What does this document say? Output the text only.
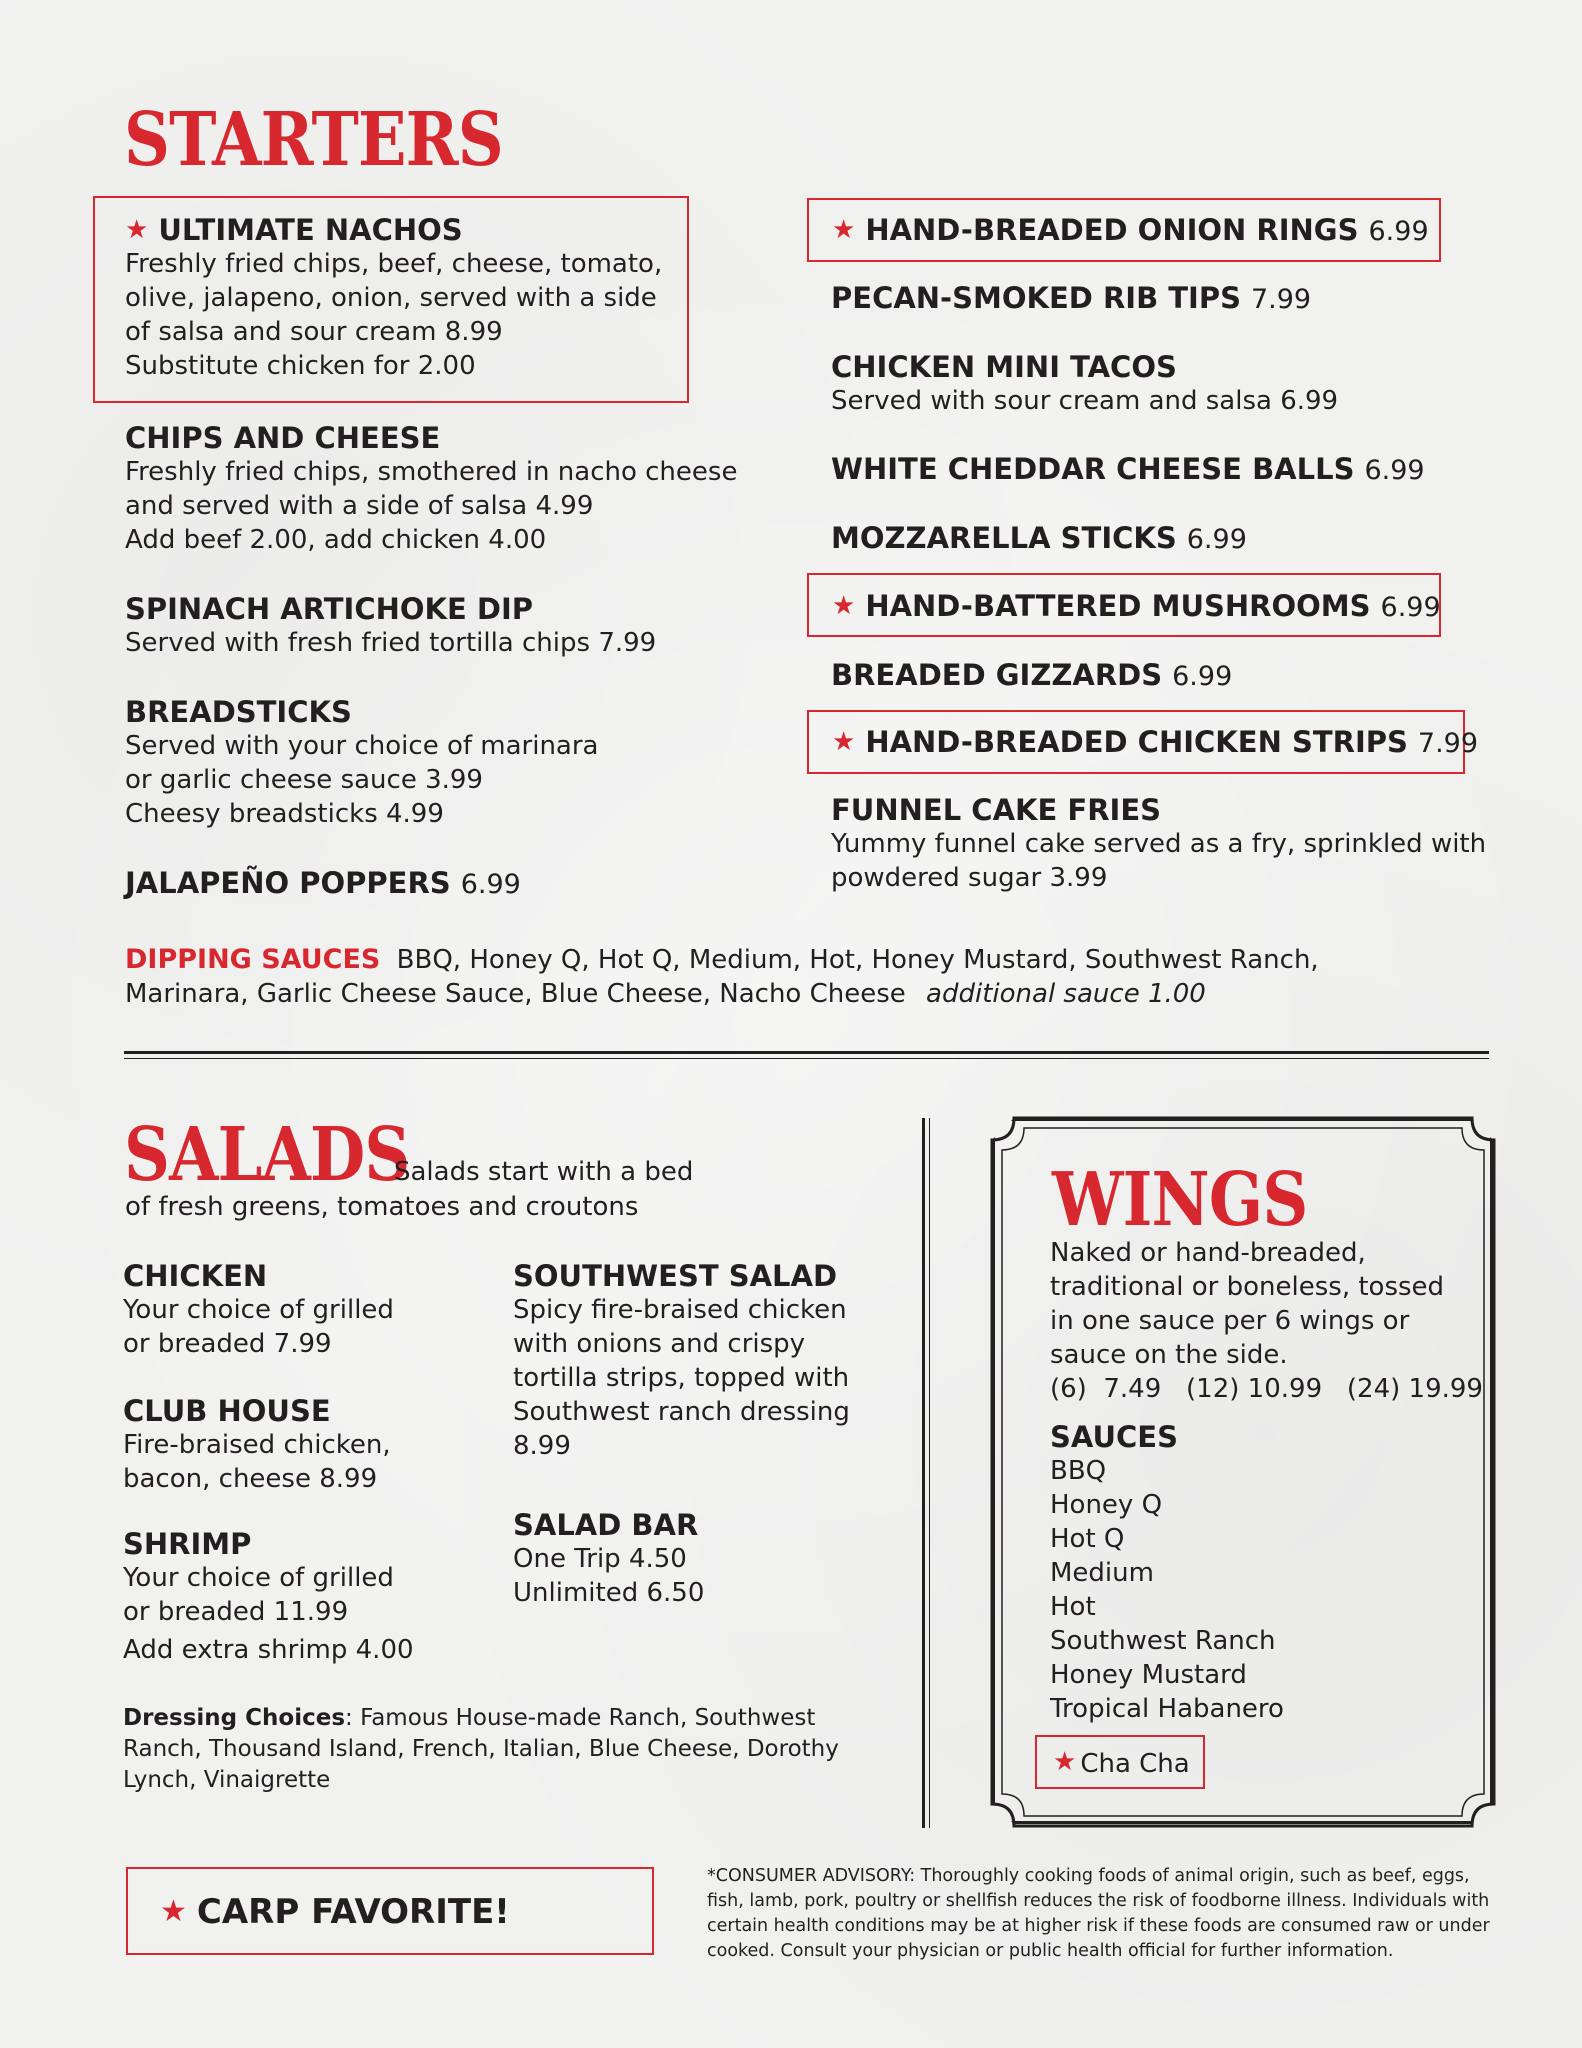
STARTERS
★ ULTIMATE NACHOS
Freshly fried chips, beef, cheese, tomato,
olive, jalapeno, onion, served with a side
of salsa and sour cream 8.99
Substitute chicken for 2.00
CHIPS AND CHEESE
Freshly fried chips, smothered in nacho cheese
and served with a side of salsa 4.99
Add beef 2.00, add chicken 4.00
SPINACH ARTICHOKE DIP
Served with fresh fried tortilla chips 7.99
BREADSTICKS
Served with your choice of marinara
or garlic cheese sauce 3.99
Cheesy breadsticks 4.99
JALAPEÑO POPPERS 6.99
★ HAND-BREADED ONION RINGS 6.99
PECAN-SMOKED RIB TIPS 7.99
CHICKEN MINI TACOS
Served with sour cream and salsa 6.99
WHITE CHEDDAR CHEESE BALLS 6.99
MOZZARELLA STICKS 6.99
★ HAND-BATTERED MUSHROOMS 6.99
BREADED GIZZARDS 6.99
★ HAND-BREADED CHICKEN STRIPS 7.99
FUNNEL CAKE FRIES
Yummy funnel cake served as a fry, sprinkled with
powdered sugar 3.99
DIPPING SAUCES BBQ, Honey Q, Hot Q, Medium, Hot, Honey Mustard, Southwest Ranch,
Marinara, Garlic Cheese Sauce, Blue Cheese, Nacho Cheese additional sauce 1.00
SALADS
Salads start with a bed
of fresh greens, tomatoes and croutons
CHICKEN
Your choice of grilled
or breaded 7.99
CLUB HOUSE
Fire-braised chicken,
bacon, cheese 8.99
SHRIMP
Your choice of grilled
or breaded 11.99
Add extra shrimp 4.00
SOUTHWEST SALAD
Spicy fire-braised chicken
with onions and crispy
tortilla strips, topped with
Southwest ranch dressing
8.99
SALAD BAR
One Trip 4.50
Unlimited 6.50
Dressing Choices: Famous House-made Ranch, Southwest
Ranch, Thousand Island, French, Italian, Blue Cheese, Dorothy
Lynch, Vinaigrette
WINGS
Naked or hand-breaded,
traditional or boneless, tossed
in one sauce per 6 wings or
sauce on the side.
(6)  7.49   (12) 10.99   (24) 19.99
SAUCES
BBQ
Honey Q
Hot Q
Medium
Hot
Southwest Ranch
Honey Mustard
Tropical Habanero
★ Cha Cha
★ CARP FAVORITE!
*CONSUMER ADVISORY: Thoroughly cooking foods of animal origin, such as beef, eggs,
fish, lamb, pork, poultry or shellfish reduces the risk of foodborne illness. Individuals with
certain health conditions may be at higher risk if these foods are consumed raw or under
cooked. Consult your physician or public health official for further information.
